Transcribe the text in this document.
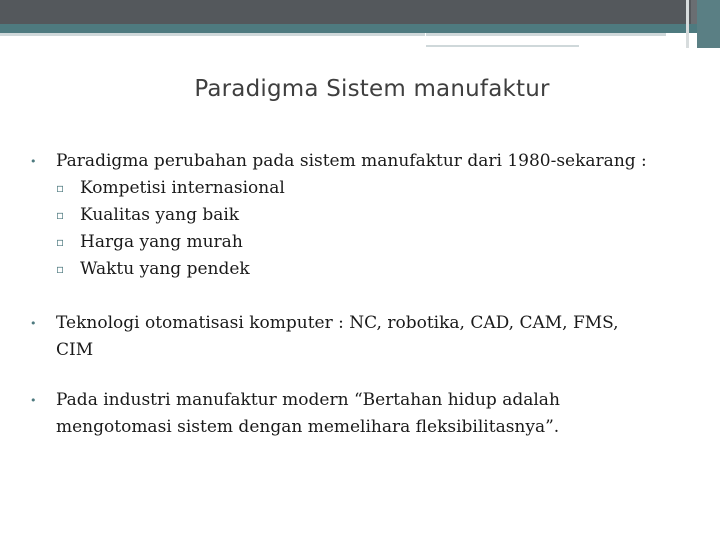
Paradigma Sistem manufaktur
• Paradigma perubahan pada sistem manufaktur dari 1980-sekarang :
▫ Kompetisi internasional
▫ Kualitas yang baik
▫ Harga yang murah
▫ Waktu yang pendek
• Teknologi otomatisasi komputer : NC, robotika, CAD, CAM, FMS,
CIM
• Pada industri manufaktur modern “Bertahan hidup adalah
mengotomasi sistem dengan memelihara fleksibilitasnya”.
